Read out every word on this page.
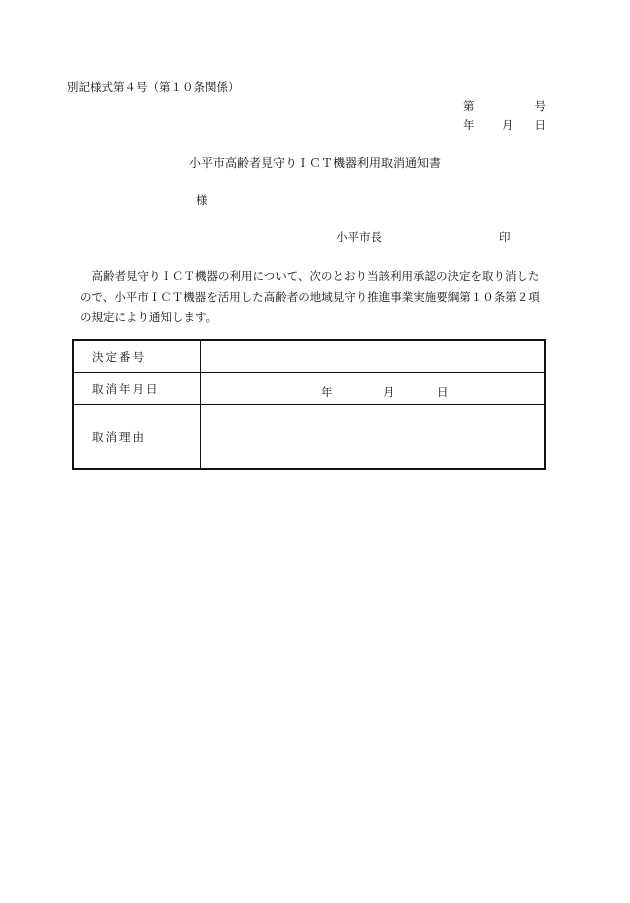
別記様式第４号（第１０条関係）
第	号
年 月 日
小平市高齢者見守りＩＣＴ機器利用取消通知書
様
小平市長	印
　高齢者見守りＩＣＴ機器の利用について、次のとおり当該利用承認の決定を取り消した
ので、小平市ＩＣＴ機器を活用した高齢者の地域見守り推進事業実施要綱第１０条第２項
の規定により通知します。
決定番号	
取消年月日	年 月 日

取消理由	
